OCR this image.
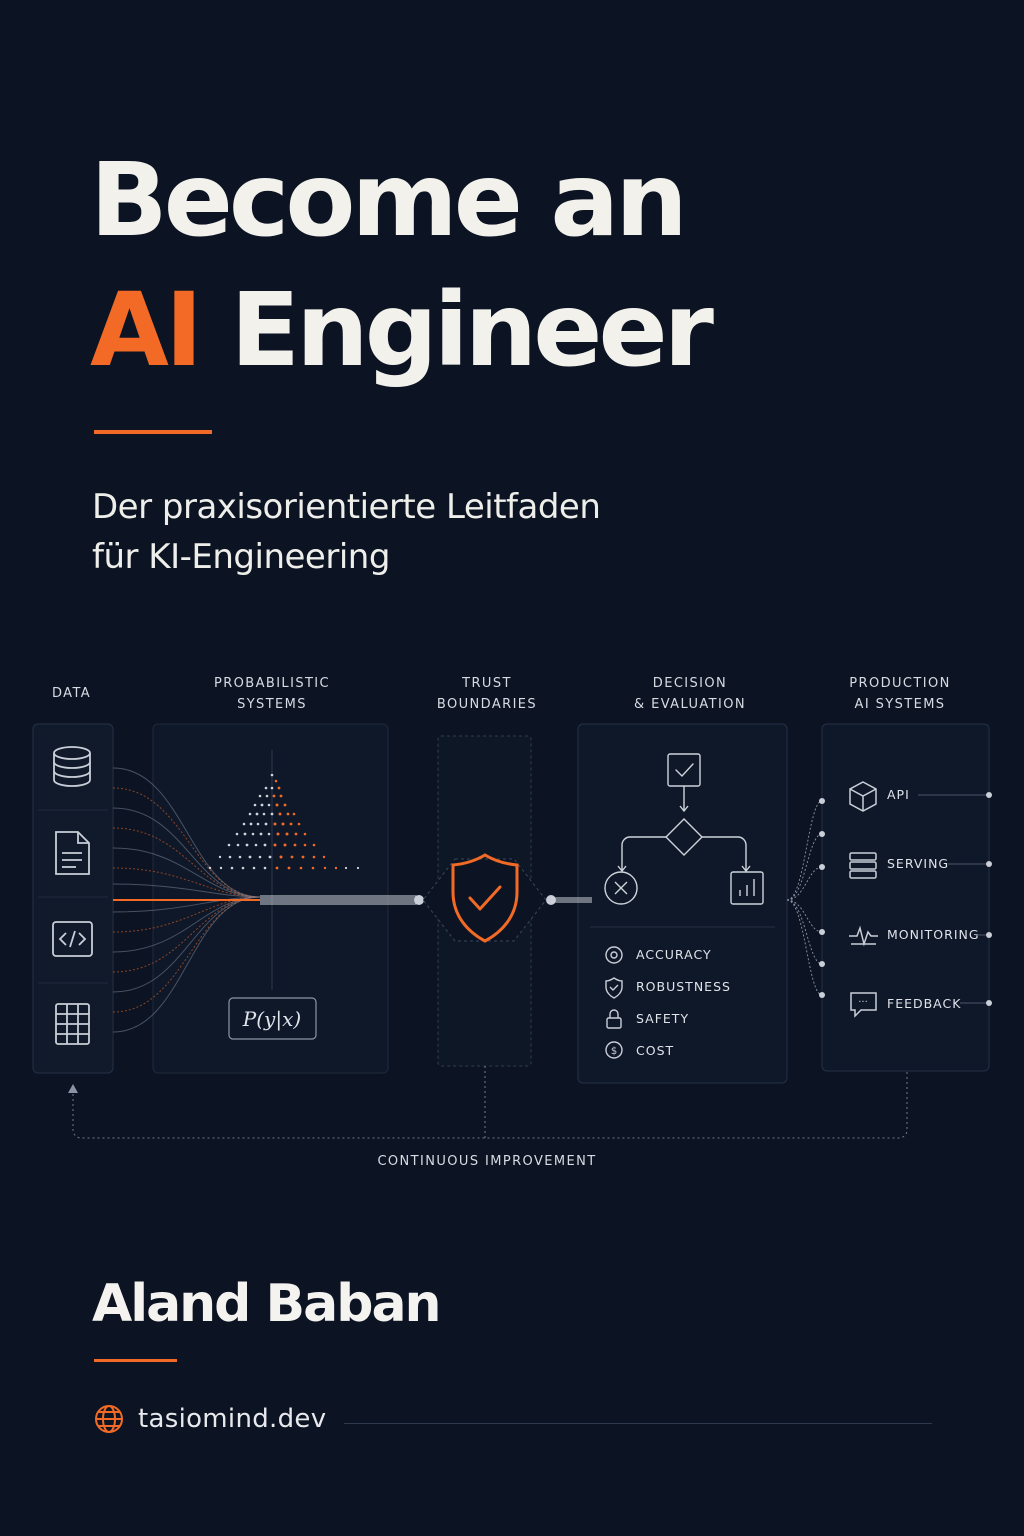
Become an
AI Engineer

Der praxisorientierte Leitfaden
für KI-Engineering

DATA
PROBABILISTIC
SYSTEMS
TRUST
BOUNDARIES
DECISION
& EVALUATION
PRODUCTION
AI SYSTEMS
P(y|x)
$
ACCURACY
ROBUSTNESS
SAFETY
COST
···
API
SERVING
MONITORING
FEEDBACK
CONTINUOUS IMPROVEMENT
Aland Baban
tasiomind.dev
